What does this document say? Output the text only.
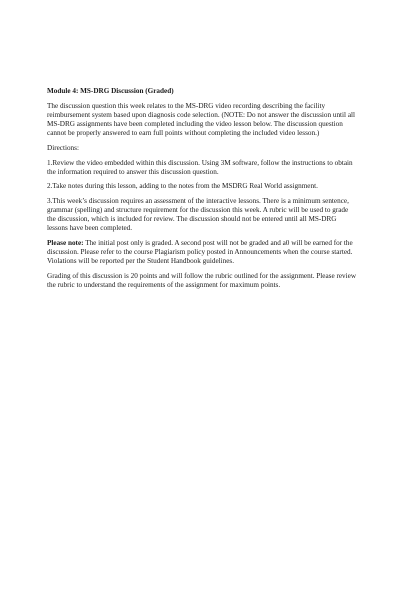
Module 4: MS-DRG Discussion (Graded)

The discussion question this week relates to the MS-DRG video recording describing the facility reimbursement system based upon diagnosis code selection. (NOTE: Do not answer the discussion until all MS-DRG assignments have been completed including the video lesson below. The discussion question cannot be properly answered to earn full points without completing the included video lesson.)

Directions:

1.Review the video embedded within this discussion. Using 3M software, follow the instructions to obtain the information required to answer this discussion question.

2.Take notes during this lesson, adding to the notes from the MSDRG Real World assignment.

3.This week’s discussion requires an assessment of the interactive lessons. There is a minimum sentence, grammar (spelling) and structure requirement for the discussion this week. A rubric will be used to grade the discussion, which is included for review. The discussion should not be entered until all MS-DRG lessons have been completed.

Please note: The initial post only is graded. A second post will not be graded and a0 will be earned for the discussion. Please refer to the course Plagiarism policy posted in Announcements when the course started. Violations will be reported per the Student Handbook guidelines.

Grading of this discussion is 20 points and will follow the rubric outlined for the assignment. Please review the rubric to understand the requirements of the assignment for maximum points.
